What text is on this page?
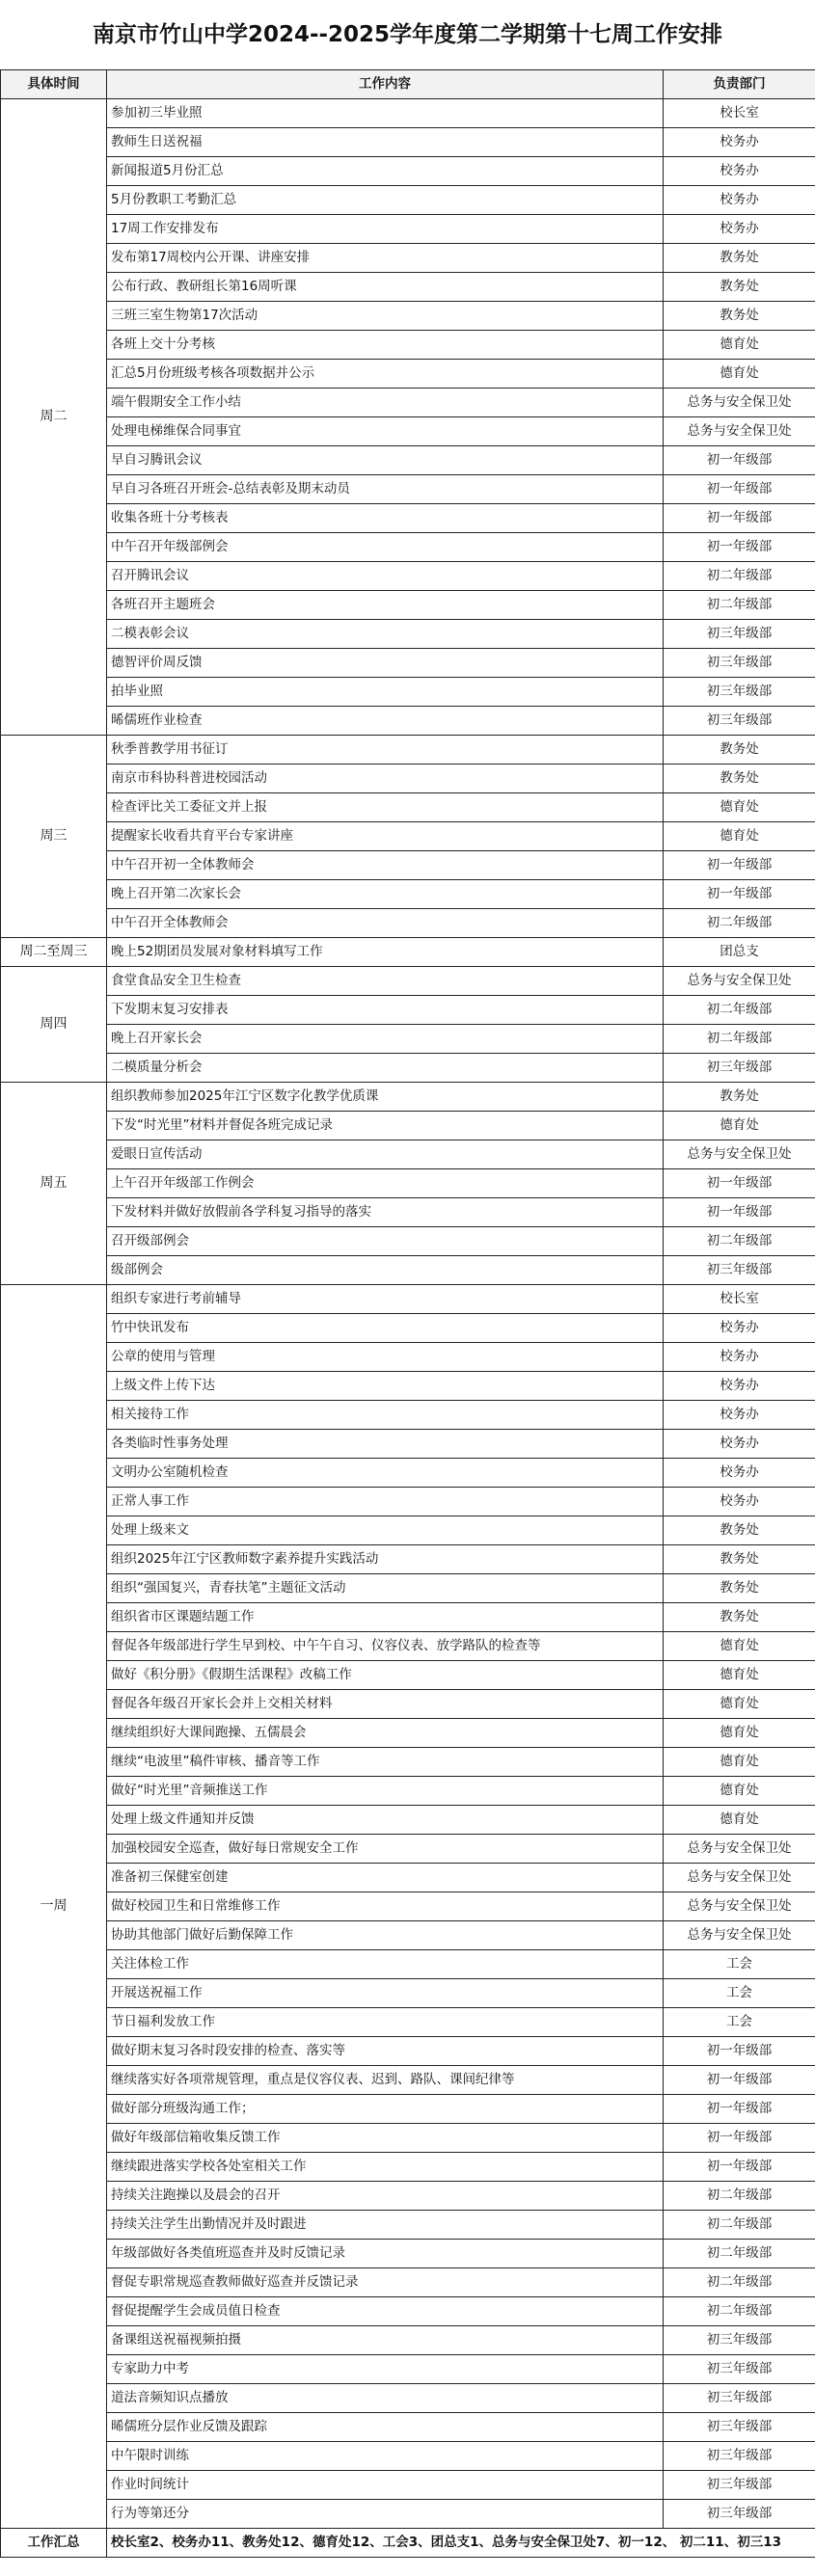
南京市竹山中学2024--2025学年度第二学期第十七周工作安排
具体时间	工作内容	负责部门
周二	参加初三毕业照	校长室
	教师生日送祝福	校务办
	新闻报道5月份汇总	校务办
	5月份教职工考勤汇总	校务办
	17周工作安排发布	校务办
	发布第17周校内公开课、讲座安排	教务处
	公布行政、教研组长第16周听课	教务处
	三班三室生物第17次活动	教务处
	各班上交十分考核	德育处
	汇总5月份班级考核各项数据并公示	德育处
	端午假期安全工作小结	总务与安全保卫处
	处理电梯维保合同事宜	总务与安全保卫处
	早自习腾讯会议	初一年级部
	早自习各班召开班会-总结表彰及期末动员	初一年级部
	收集各班十分考核表	初一年级部
	中午召开年级部例会	初一年级部
	召开腾讯会议	初二年级部
	各班召开主题班会	初二年级部
	二模表彰会议	初三年级部
	德智评价周反馈	初三年级部
	拍毕业照	初三年级部
	晞儒班作业检查	初三年级部
周三	秋季普教学用书征订	教务处
	南京市科协科普进校园活动	教务处
	检查评比关工委征文并上报	德育处
	提醒家长收看共育平台专家讲座	德育处
	中午召开初一全体教师会	初一年级部
	晚上召开第二次家长会	初一年级部
	中午召开全体教师会	初二年级部
周二至周三	晚上52期团员发展对象材料填写工作	团总支
周四	食堂食品安全卫生检查	总务与安全保卫处
	下发期末复习安排表	初二年级部
	晚上召开家长会	初二年级部
	二模质量分析会	初三年级部
周五	组织教师参加2025年江宁区数字化教学优质课	教务处
	下发“时光里”材料并督促各班完成记录	德育处
	爱眼日宣传活动	总务与安全保卫处
	上午召开年级部工作例会	初一年级部
	下发材料并做好放假前各学科复习指导的落实	初一年级部
	召开级部例会	初二年级部
	级部例会	初三年级部
一周	组织专家进行考前辅导	校长室
	竹中快讯发布	校务办
	公章的使用与管理	校务办
	上级文件上传下达	校务办
	相关接待工作	校务办
	各类临时性事务处理	校务办
	文明办公室随机检查	校务办
	正常人事工作	校务办
	处理上级来文	教务处
	组织2025年江宁区教师数字素养提升实践活动	教务处
	组织“强国复兴，青春扶笔”主题征文活动	教务处
	组织省市区课题结题工作	教务处
	督促各年级部进行学生早到校、中午午自习、仪容仪表、放学路队的检查等	德育处
	做好《积分册》《假期生活课程》改稿工作	德育处
	督促各年级召开家长会并上交相关材料	德育处
	继续组织好大课间跑操、五儒晨会	德育处
	继续“电波里”稿件审核、播音等工作	德育处
	做好“时光里”音频推送工作	德育处
	处理上级文件通知并反馈	德育处
	加强校园安全巡查，做好每日常规安全工作	总务与安全保卫处
	准备初三保健室创建	总务与安全保卫处
	做好校园卫生和日常维修工作	总务与安全保卫处
	协助其他部门做好后勤保障工作	总务与安全保卫处
	关注体检工作	工会
	开展送祝福工作	工会
	节日福利发放工作	工会
	做好期末复习各时段安排的检查、落实等	初一年级部
	继续落实好各项常规管理，重点是仪容仪表、迟到、路队、课间纪律等	初一年级部
	做好部分班级沟通工作；	初一年级部
	做好年级部信箱收集反馈工作	初一年级部
	继续跟进落实学校各处室相关工作	初一年级部
	持续关注跑操以及晨会的召开	初二年级部
	持续关注学生出勤情况并及时跟进	初二年级部
	年级部做好各类值班巡查并及时反馈记录	初二年级部
	督促专职常规巡查教师做好巡查并反馈记录	初二年级部
	督促提醒学生会成员值日检查	初二年级部
	备课组送祝福视频拍摄	初三年级部
	专家助力中考	初三年级部
	道法音频知识点播放	初三年级部
	晞儒班分层作业反馈及跟踪	初三年级部
	中午限时训练	初三年级部
	作业时间统计	初三年级部
	行为等第还分	初三年级部
工作汇总	校长室2、校务办11、教务处12、德育处12、工会3、团总支1、总务与安全保卫处7、初一12、 初二11、初三13	
